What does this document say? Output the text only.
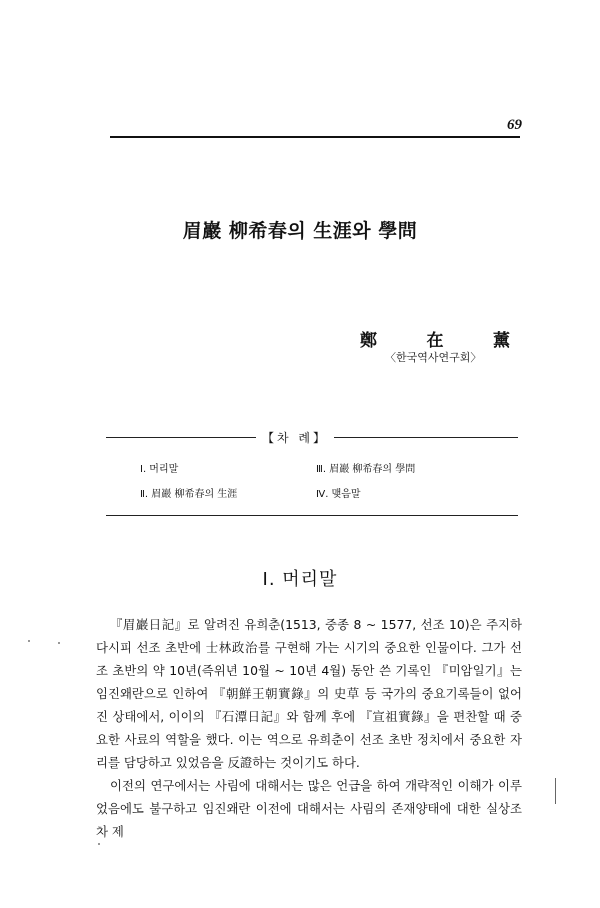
69
眉巖 柳希春의 生涯와 學問
鄭	在	薰
〈한국역사연구회〉
【차 례】
Ⅰ. 머리말
Ⅱ. 眉巖 柳希春의 生涯
Ⅲ. 眉巖 柳希春의 學問
Ⅳ. 맺음말
Ⅰ. 머리말

『眉巖日記』로 알려진 유희춘(1513, 중종 8 ~ 1577, 선조 10)은 주지하다시피 선조 초반에 士林政治를 구현해 가는 시기의 중요한 인물이다. 그가 선조 초반의 약 10년(즉위년 10월 ~ 10년 4월) 동안 쓴 기록인 『미암일기』는 임진왜란으로 인하여 『朝鮮王朝實錄』의 史草 등 국가의 중요기록들이 없어진 상태에서, 이이의 『石潭日記』와 함께 후에 『宣祖實錄』을 편찬할 때 중요한 사료의 역할을 했다. 이는 역으로 유희춘이 선조 초반 정치에서 중요한 자리를 담당하고 있었음을 反證하는 것이기도 하다.

이전의 연구에서는 사림에 대해서는 많은 언급을 하여 개략적인 이해가 이루었음에도 불구하고 임진왜란 이전에 대해서는 사림의 존재양태에 대한 실상조차 제
